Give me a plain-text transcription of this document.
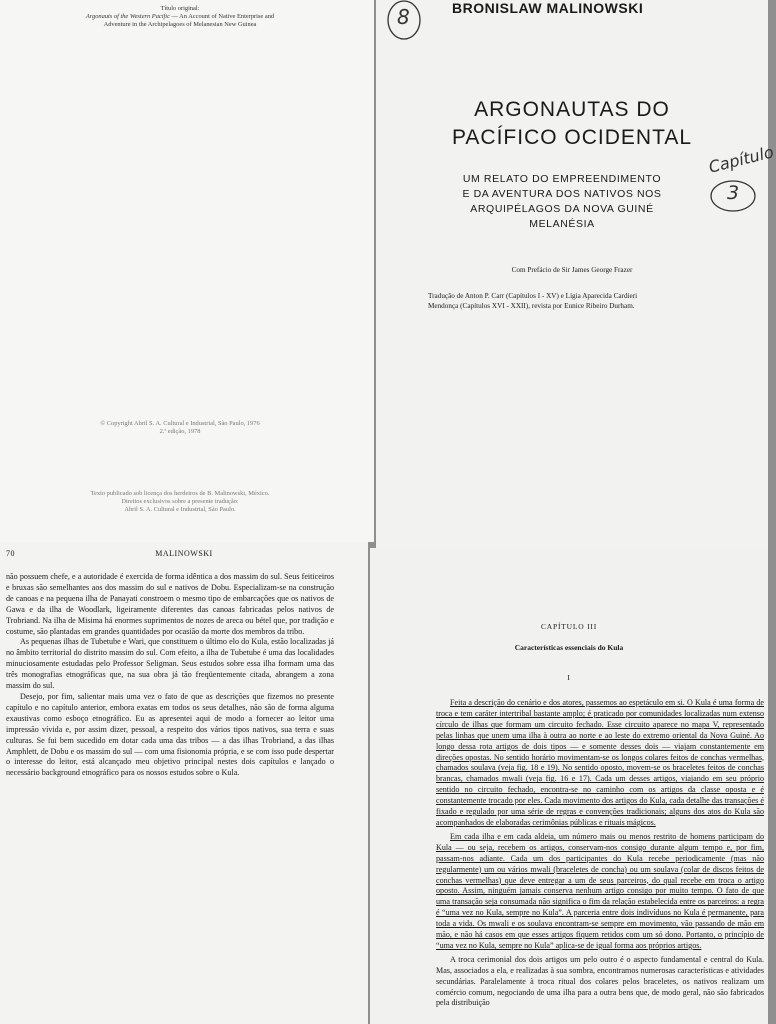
Título original:
Argonauts of the Western Pacific — An Account of Native Enterprise and
Adventure in the Archipelagoes of Melanesian New Guinea
© Copyright Abril S. A. Cultural e Industrial, São Paulo, 1976
2.ª edição, 1978
Texto publicado sob licença dos herdeiros de B. Malinowski, México.
Direitos exclusivos sobre a presente tradução:
Abril S. A. Cultural e Industrial, São Paulo.
BRONISLAW MALINOWSKI
8
ARGONAUTAS DO
PACÍFICO OCIDENTAL
UM RELATO DO EMPREENDIMENTO
E DA AVENTURA DOS NATIVOS NOS
ARQUIPÉLAGOS DA NOVA GUINÉ
MELANÉSIA
Capítulo
3
Com Prefácio de Sir James George Frazer
Tradução de Anton P. Carr (Capítulos I - XV) e Lígia Aparecida Cardieri
Mendonça (Capítulos XVI - XXII), revista por Eunice Ribeiro Durham.
70	MALINOWSKI

não possuem chefe, e a autoridade é exercida de forma idêntica a dos massim do sul. Seus feiticeiros e bruxas são semelhantes aos dos massim do sul e nativos de Dobu. Especializam-se na construção de canoas e na pequena ilha de Panayati constroem o mesmo tipo de embarcações que os nativos de Gawa e da ilha de Woodlark, ligeiramente diferentes das canoas fabricadas pelos nativos de Trobriand. Na ilha de Misima há enormes suprimentos de nozes de areca ou bétel que, por tradição e costume, são plantadas em grandes quantidades por ocasião da morte dos membros da tribo.

As pequenas ilhas de Tubetube e Wari, que constituem o último elo do Kula, estão localizadas já no âmbito territorial do distrito massim do sul. Com efeito, a ilha de Tubetube é uma das localidades minuciosamente estudadas pelo Professor Seligman. Seus estudos sobre essa ilha formam uma das três monografias etnográficas que, na sua obra já tão freqüentemente citada, abrangem a zona massim do sul.

Desejo, por fim, salientar mais uma vez o fato de que as descrições que fizemos no presente capítulo e no capítulo anterior, embora exatas em todos os seus detalhes, não são de forma alguma exaustivas como esboço etnográfico. Eu as apresentei aqui de modo a fornecer ao leitor uma impressão vívida e, por assim dizer, pessoal, a respeito dos vários tipos nativos, sua terra e suas culturas. Se fui bem sucedido em dotar cada uma das tribos — a das ilhas Trobriand, a das ilhas Amphlett, de Dobu e os massim do sul — com uma fisionomia própria, e se com isso pude despertar o interesse do leitor, está alcançado meu objetivo principal nestes dois capítulos e lançado o necessário background etnográfico para os nossos estudos sobre o Kula.

CAPÍTULO III
Características essenciais do Kula
I

Feita a descrição do cenário e dos atores, passemos ao espetáculo em si. O Kula é uma forma de troca e tem caráter intertribal bastante amplo; é praticado por comunidades localizadas num extenso círculo de ilhas que formam um circuito fechado. Esse circuito aparece no mapa V, representado pelas linhas que unem uma ilha à outra ao norte e ao leste do extremo oriental da Nova Guiné. Ao longo dessa rota artigos de dois tipos — e somente desses dois — viajam constantemente em direções opostas. No sentido horário movimentam-se os longos colares feitos de conchas vermelhas, chamados soulava (veja fig. 18 e 19). No sentido oposto, movem-se os braceletes feitos de conchas brancas, chamados mwali (veja fig. 16 e 17). Cada um desses artigos, viajando em seu próprio sentido no circuito fechado, encontra-se no caminho com os artigos da classe oposta e é constantemente trocado por eles. Cada movimento dos artigos do Kula, cada detalhe das transações é fixado e regulado por uma série de regras e convenções tradicionais; alguns dos atos do Kula são acompanhados de elaboradas cerimônias públicas e rituais mágicos.

Em cada ilha e em cada aldeia, um número mais ou menos restrito de homens participam do Kula — ou seja, recebem os artigos, conservam-nos consigo durante algum tempo e, por fim, passam-nos adiante. Cada um dos participantes do Kula recebe periodicamente (mas não regularmente) um ou vários mwali (braceletes de concha) ou um soulava (colar de discos feitos de conchas vermelhas) que deve entregar a um de seus parceiros, do qual recebe em troca o artigo oposto. Assim, ninguém jamais conserva nenhum artigo consigo por muito tempo. O fato de que uma transação seja consumada não significa o fim da relação estabelecida entre os parceiros: a regra é “uma vez no Kula, sempre no Kula”. A parceria entre dois indivíduos no Kula é permanente, para toda a vida. Os mwali e os soulava encontram-se sempre em movimento, vão passando de mão em mão, e não há casos em que esses artigos fiquem retidos com um só dono. Portanto, o princípio de “uma vez no Kula, sempre no Kula” aplica-se de igual forma aos próprios artigos.

A troca cerimonial dos dois artigos um pelo outro é o aspecto fundamental e central do Kula. Mas, associados a ela, e realizadas à sua sombra, encontramos numerosas características e atividades secundárias. Paralelamente à troca ritual dos colares pelos braceletes, os nativos realizam um comércio comum, negociando de uma ilha para a outra bens que, de modo geral, não são fabricados pela distribuição
